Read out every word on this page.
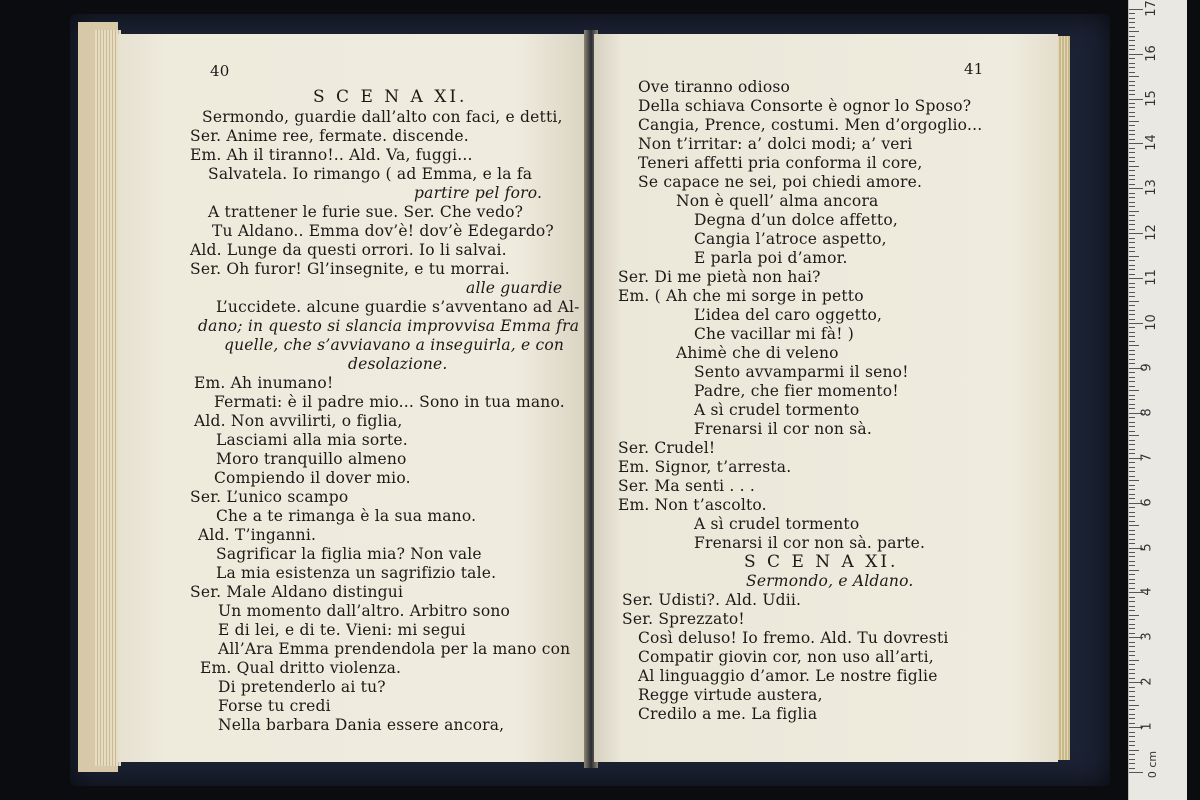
40
S C E N A XI.
Sermondo, guardie dall’alto con faci, e detti,
Ser. Anime ree, fermate. discende.
Em. Ah il tiranno!.. Ald. Va, fuggi...
Salvatela. Io rimango ( ad Emma, e la fa
partire pel foro.
A trattener le furie sue. Ser. Che vedo?
Tu Aldano.. Emma dov’è! dov’è Edegardo?
Ald. Lunge da questi orrori. Io li salvai.
Ser. Oh furor! Gl’insegnite, e tu morrai.
alle guardie
L’uccidete. alcune guardie s’avventano ad Al-
dano; in questo si slancia improvvisa Emma fra
quelle, che s’avviavano a inseguirla, e con
desolazione.
Em. Ah inumano!
Fermati: è il padre mio... Sono in tua mano.
Ald. Non avvilirti, o figlia,
Lasciami alla mia sorte.
Moro tranquillo almeno
Compiendo il dover mio.
Ser. L’unico scampo
Che a te rimanga è la sua mano.
Ald. T’inganni.
Sagrificar la figlia mia? Non vale
La mia esistenza un sagrifizio tale.
Ser. Male Aldano distingui
Un momento dall’altro. Arbitro sono
E di lei, e di te. Vieni: mi segui
All’Ara Emma prendendola per la mano con
Em. Qual dritto violenza.
Di pretenderlo ai tu?
Forse tu credi
Nella barbara Dania essere ancora,
41
Ove tiranno odioso
Della schiava Consorte è ognor lo Sposo?
Cangia, Prence, costumi. Men d’orgoglio...
Non t’irritar: a’ dolci modi; a’ veri
Teneri affetti pria conforma il core,
Se capace ne sei, poi chiedi amore.
Non è quell’ alma ancora
Degna d’un dolce affetto,
Cangia l’atroce aspetto,
E parla poi d’amor.
Ser. Di me pietà non hai?
Em. ( Ah che mi sorge in petto
L’idea del caro oggetto,
Che vacillar mi fà! )
Ahimè che di veleno
Sento avvamparmi il seno!
Padre, che fier momento!
A sì crudel tormento
Frenarsi il cor non sà.
Ser. Crudel!
Em. Signor, t’arresta.
Ser. Ma senti . . .
Em. Non t’ascolto.
A sì crudel tormento
Frenarsi il cor non sà. parte.
S C E N A XI.
Sermondo, e Aldano.
Ser. Udisti?. Ald. Udii.
Ser. Sprezzato!
Così deluso! Io fremo. Ald. Tu dovresti
Compatir giovin cor, non uso all’arti,
Al linguaggio d’amor. Le nostre figlie
Regge virtude austera,
Credilo a me. La figlia
1
2
3
4
5
6
7
8
9
10
11
12
13
14
15
16
17
0 cm
